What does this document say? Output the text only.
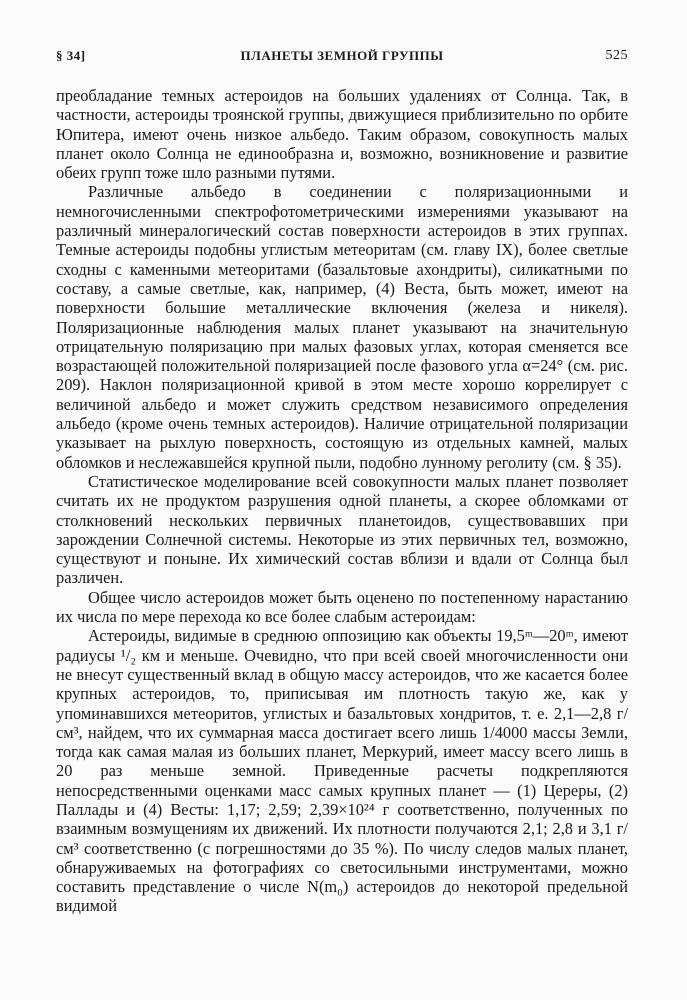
§ 34]	ПЛАНЕТЫ ЗЕМНОЙ ГРУППЫ	525

преобладание темных астероидов на больших удалениях от Солнца. Так, в частности, астероиды троянской группы, движущиеся приблизительно по орбите Юпитера, имеют очень низкое альбедо. Таким образом, совокупность малых планет около Солнца не единообразна и, возможно, возникновение и развитие обеих групп тоже шло разными путями.

Различные альбедо в соединении с поляризационными и немногочисленными спектрофотометрическими измерениями указывают на различный минералогический состав поверхности астероидов в этих группах. Темные астероиды подобны углистым метеоритам (см. главу IX), более светлые сходны с каменными метеоритами (базальтовые ахондриты), силикатными по составу, а самые светлые, как, например, (4) Веста, быть может, имеют на поверхности большие металлические включения (железа и никеля). Поляризационные наблюдения малых планет указывают на значительную отрицательную поляризацию при малых фазовых углах, которая сменяется все возрастающей положительной поляризацией после фазового угла α=24° (см. рис. 209). Наклон поляризационной кривой в этом месте хорошо коррелирует с величиной альбедо и может служить средством независимого определения альбедо (кроме очень темных астероидов). Наличие отрицательной поляризации указывает на рыхлую поверхность, состоящую из отдельных камней, малых обломков и неслежавшейся крупной пыли, подобно лунному реголиту (см. § 35).

Статистическое моделирование всей совокупности малых планет позволяет считать их не продуктом разрушения одной планеты, а скорее обломками от столкновений нескольких первичных планетоидов, существовавших при зарождении Солнечной системы. Некоторые из этих первичных тел, возможно, существуют и поныне. Их химический состав вблизи и вдали от Солнца был различен.

Общее число астероидов может быть оценено по постепенному нарастанию их числа по мере перехода ко все более слабым астероидам:

Астероиды, видимые в среднюю оппозицию как объекты 19,5ᵐ—20ᵐ, имеют радиусы ¹/₂ км и меньше. Очевидно, что при всей своей многочисленности они не внесут существенный вклад в общую массу астероидов, что же касается более крупных астероидов, то, приписывая им плотность такую же, как у упоминавшихся метеоритов, углистых и базальтовых хондритов, т. е. 2,1—2,8 г/см³, найдем, что их суммарная масса достигает всего лишь 1/4000 массы Земли, тогда как самая малая из больших планет, Меркурий, имеет массу всего лишь в 20 раз меньше земной. Приведенные расчеты подкрепляются непосредственными оценками масс самых крупных планет — (1) Цереры, (2) Паллады и (4) Весты: 1,17; 2,59; 2,39×10²⁴ г соответственно, полученных по взаимным возмущениям их движений. Их плотности получаются 2,1; 2,8 и 3,1 г/см³ соответственно (с погрешностями до 35 %). По числу следов малых планет, обнаруживаемых на фотографиях со светосильными инструментами, можно составить представление о числе N(m₀) астероидов до некоторой предельной видимой
